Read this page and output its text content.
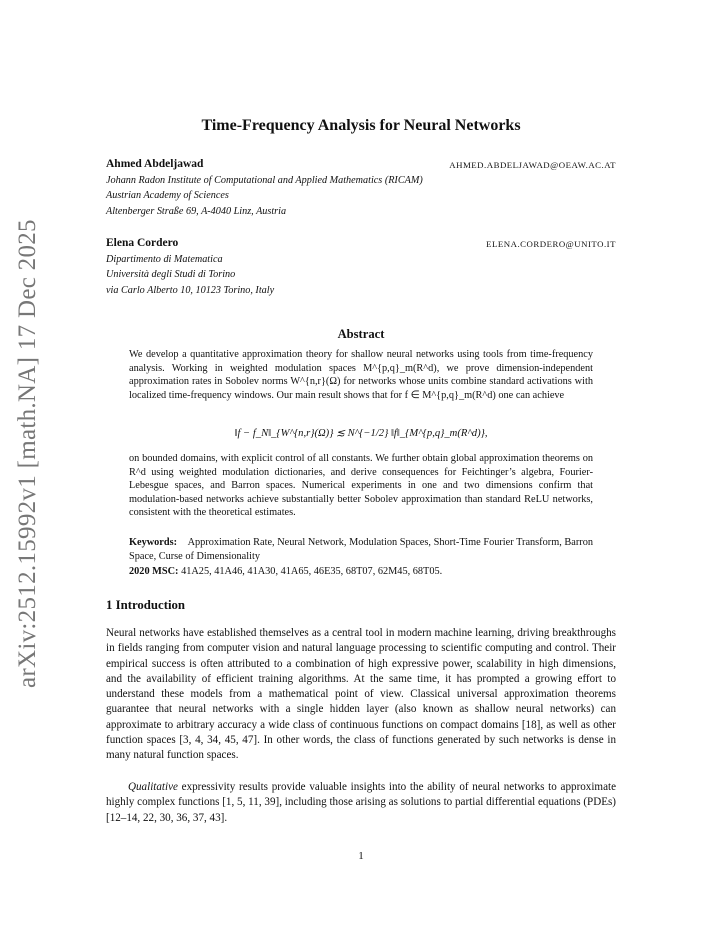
arXiv:2512.15992v1 [math.NA] 17 Dec 2025
Time-Frequency Analysis for Neural Networks
Ahmed Abdeljawad	AHMED.ABDELJAWAD@OEAW.AC.AT
Johann Radon Institute of Computational and Applied Mathematics (RICAM)
Austrian Academy of Sciences
Altenberger Straße 69, A-4040 Linz, Austria
Elena Cordero	ELENA.CORDERO@UNITO.IT
Dipartimento di Matematica
Università degli Studi di Torino
via Carlo Alberto 10, 10123 Torino, Italy
Abstract
We develop a quantitative approximation theory for shallow neural networks using tools from time-frequency analysis. Working in weighted modulation spaces M^{p,q}_m(R^d), we prove dimension-independent approximation rates in Sobolev norms W^{n,r}(Ω) for networks whose units combine standard activations with localized time-frequency windows. Our main result shows that for f ∈ M^{p,q}_m(R^d) one can achieve
‖f − f_N‖_{W^{n,r}(Ω)} ≲ N^{−1/2} ‖f‖_{M^{p,q}_m(R^d)},
on bounded domains, with explicit control of all constants. We further obtain global approximation theorems on R^d using weighted modulation dictionaries, and derive consequences for Feichtinger’s algebra, Fourier-Lebesgue spaces, and Barron spaces. Numerical experiments in one and two dimensions confirm that modulation-based networks achieve substantially better Sobolev approximation than standard ReLU networks, consistent with the theoretical estimates.
Keywords: Approximation Rate, Neural Network, Modulation Spaces, Short-Time Fourier Transform, Barron Space, Curse of Dimensionality
2020 MSC: 41A25, 41A46, 41A30, 41A65, 46E35, 68T07, 62M45, 68T05.
1 Introduction
Neural networks have established themselves as a central tool in modern machine learning, driving breakthroughs in fields ranging from computer vision and natural language processing to scientific computing and control. Their empirical success is often attributed to a combination of high expressive power, scalability in high dimensions, and the availability of efficient training algorithms. At the same time, it has prompted a growing effort to understand these models from a mathematical point of view. Classical universal approximation theorems guarantee that neural networks with a single hidden layer (also known as shallow neural networks) can approximate to arbitrary accuracy a wide class of continuous functions on compact domains [18], as well as other function spaces [3, 4, 34, 45, 47]. In other words, the class of functions generated by such networks is dense in many natural function spaces.
Qualitative expressivity results provide valuable insights into the ability of neural networks to approximate highly complex functions [1, 5, 11, 39], including those arising as solutions to partial differential equations (PDEs) [12–14, 22, 30, 36, 37, 43].
1
